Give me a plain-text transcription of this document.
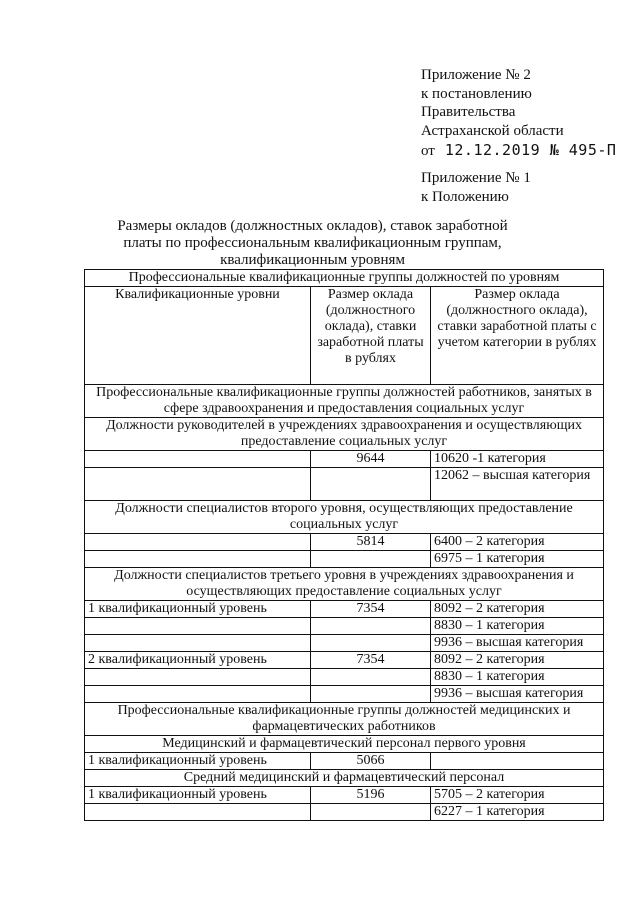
Приложение № 2
к постановлению
Правительства
Астраханской области
от 12.12.2019 № 495-П
Приложение № 1
к Положению
Размеры окладов (должностных окладов), ставок заработной платы по профессиональным квалификационным группам, квалификационным уровням
Профессиональные квалификационные группы должностей по уровням		
Квалификационные уровни	Размер оклада (должностного оклада), ставки заработной платы в рублях	Размер оклада (должностного оклада), ставки заработной платы с учетом категории в рублях
Профессиональные квалификационные группы должностей работников, занятых в сфере здравоохранения и предоставления социальных услуг		
Должности руководителей в учреждениях здравоохранения и осуществляющих предоставление социальных услуг		
	9644	10620 -1 категория
		12062 – высшая категория
Должности специалистов второго уровня, осуществляющих предоставление социальных услуг		
	5814	6400 – 2 категория
		6975 – 1 категория
Должности специалистов третьего уровня в учреждениях здравоохранения и осуществляющих предоставление социальных услуг		
1 квалификационный уровень	7354	8092 – 2 категория
		8830 – 1 категория
		9936 – высшая категория
2 квалификационный уровень	7354	8092 – 2 категория
		8830 – 1 категория
		9936 – высшая категория
Профессиональные квалификационные группы должностей медицинских и фармацевтических работников		
Медицинский и фармацевтический персонал первого уровня		
1 квалификационный уровень	5066	
Средний медицинский и фармацевтический персонал		
1 квалификационный уровень	5196	5705 – 2 категория
		6227 – 1 категория
